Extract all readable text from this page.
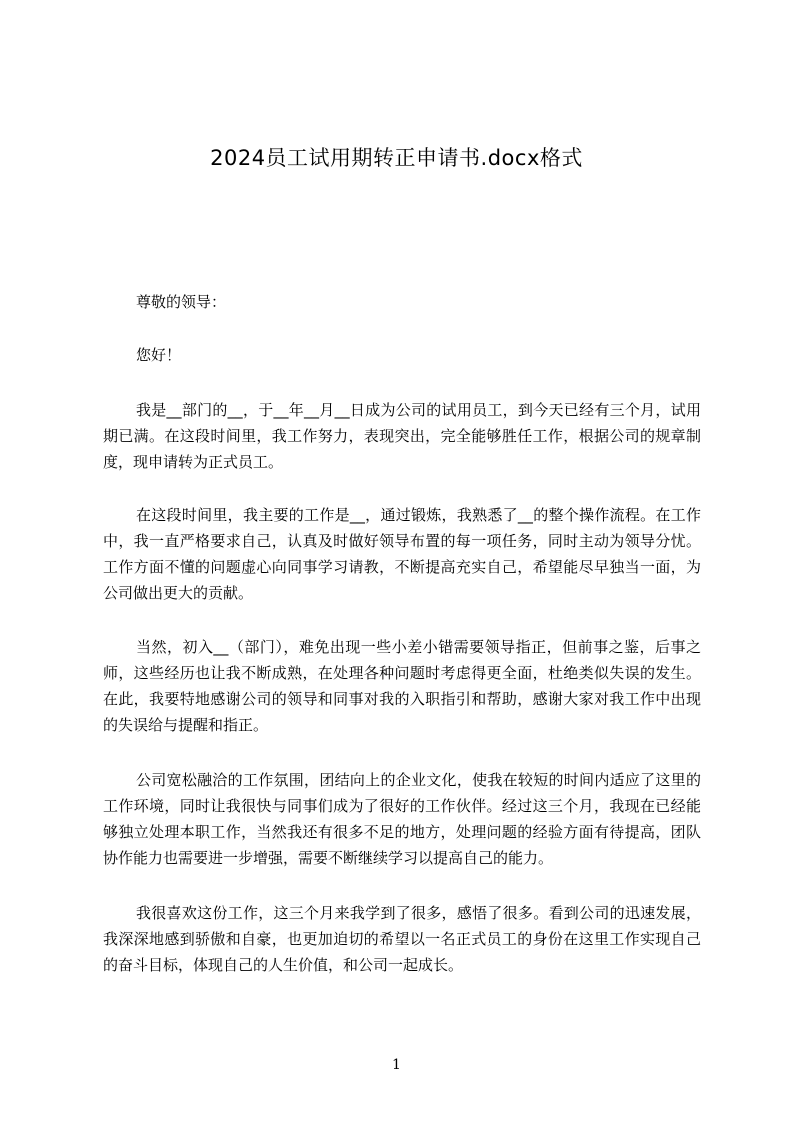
2024员工试用期转正申请书.docx格式

尊敬的领导：

您好！

我是__部门的__，于__年__月__日成为公司的试用员工，到今天已经有三个月，试用期已满。在这段时间里，我工作努力，表现突出，完全能够胜任工作，根据公司的规章制度，现申请转为正式员工。

在这段时间里，我主要的工作是__，通过锻炼，我熟悉了__的整个操作流程。在工作中，我一直严格要求自己，认真及时做好领导布置的每一项任务，同时主动为领导分忧。工作方面不懂的问题虚心向同事学习请教，不断提高充实自己，希望能尽早独当一面，为公司做出更大的贡献。

当然，初入__（部门），难免出现一些小差小错需要领导指正，但前事之鉴，后事之师，这些经历也让我不断成熟，在处理各种问题时考虑得更全面，杜绝类似失误的发生。在此，我要特地感谢公司的领导和同事对我的入职指引和帮助，感谢大家对我工作中出现的失误给与提醒和指正。

公司宽松融洽的工作氛围，团结向上的企业文化，使我在较短的时间内适应了这里的工作环境，同时让我很快与同事们成为了很好的工作伙伴。经过这三个月，我现在已经能够独立处理本职工作，当然我还有很多不足的地方，处理问题的经验方面有待提高，团队协作能力也需要进一步增强，需要不断继续学习以提高自己的能力。

我很喜欢这份工作，这三个月来我学到了很多，感悟了很多。看到公司的迅速发展，我深深地感到骄傲和自豪，也更加迫切的希望以一名正式员工的身份在这里工作实现自己的奋斗目标，体现自己的人生价值，和公司一起成长。

1
